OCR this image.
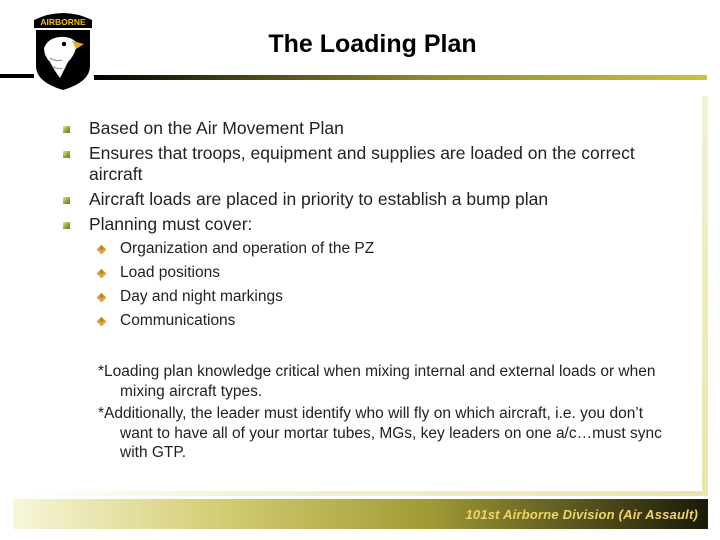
AIRBORNE
The Loading Plan
Based on the Air Movement Plan
Ensures that troops, equipment and supplies are loaded on the correct aircraft
Aircraft loads are placed in priority to establish a bump plan
Planning must cover:
Organization and operation of the PZ
Load positions
Day and night markings
Communications
*Loading plan knowledge critical when mixing internal and external loads or when mixing aircraft types.
*Additionally, the leader must identify who will fly on which aircraft, i.e. you don’t want to have all of your mortar tubes, MGs, key leaders on one a/c…must sync with GTP.
101st Airborne Division (Air Assault)
